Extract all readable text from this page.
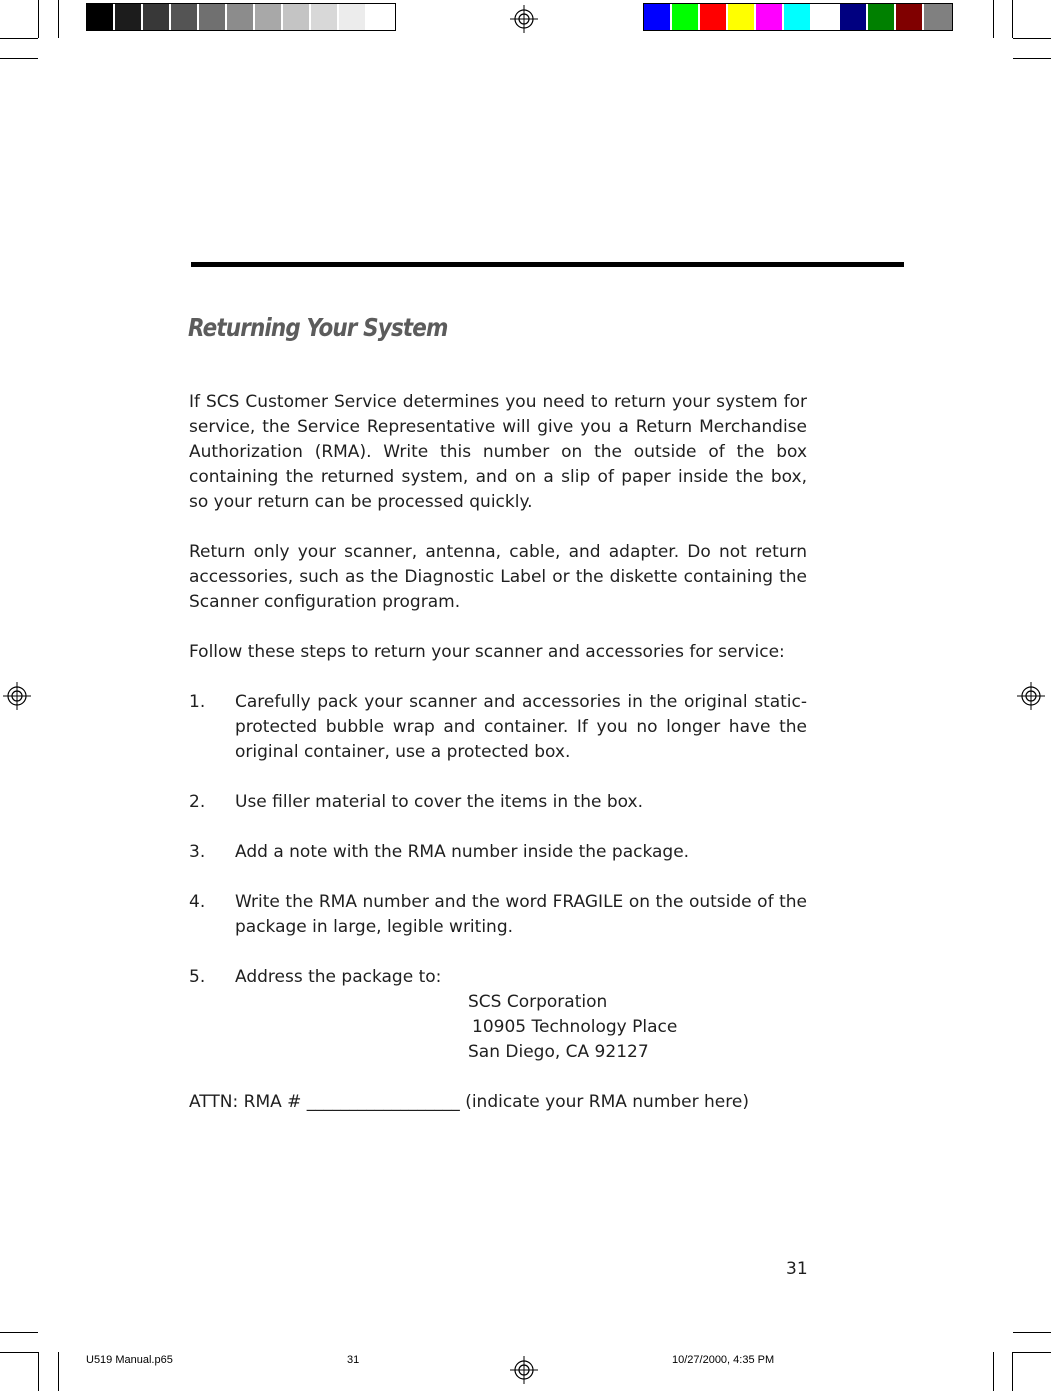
Returning Your System
If SCS Customer Service determines you need to return your system for service, the Service Representative will give you a Return Merchandise Authorization (RMA). Write this number on the outside of the box containing the returned system, and on a slip of paper inside the box, so your return can be processed quickly.
Return only your scanner, antenna, cable, and adapter. Do not return accessories, such as the Diagnostic Label or the diskette containing the Scanner configuration program.
Follow these steps to return your scanner and accessories for service:
1. Carefully pack your scanner and accessories in the original static-protected bubble wrap and container. If you no longer have the original container, use a protected box.
2. Use filler material to cover the items in the box.
3. Add a note with the RMA number inside the package.
4. Write the RMA number and the word FRAGILE on the outside of the package in large, legible writing.
5. Address the package to:
SCS Corporation
10905 Technology Place
San Diego, CA 92127
ATTN: RMA # __________________ (indicate your RMA number here)
31
U519 Manual.p65	31	10/27/2000, 4:35 PM
